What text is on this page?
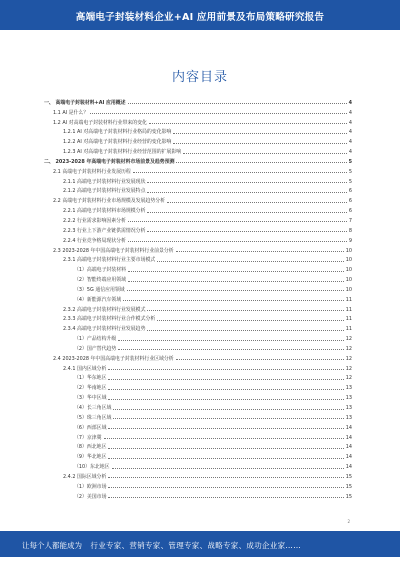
高端电子封装材料企业+AI 应用前景及布局策略研究报告
内容目录
一、 高端电子封装材料+AI 应用概述	4
1.1 AI 是什么？	4
1.2 AI 对高端电子封装材料行业带来的变化	4
1.2.1 AI 对高端电子封装材料行业格局的变化影响	4
1.2.2 AI 对高端电子封装材料行业经营的变化影响	4
1.2.3 AI 对高端电子封装材料行业经营范围的扩展影响	4
二、 2023-2028 年高端电子封装材料市场前景及趋势预测	5
2.1 高端电子封装材料行业发展历程	5
2.1.1 高端电子封装材料行业发展现状	5
2.1.2 高端电子封装材料行业发展特点	6
2.2 高端电子封装材料行业市场规模及发展趋势分析	6
2.2.1 高端电子封装材料市场规模分析	6
2.2.2 行业需求影响因素分析	7
2.2.3 行业上下游产业链供需情况分析	8
2.2.4 行业竞争格局现状分析	9
2.3 2023-2028 年中国高端电子封装材料行业前景分析	10
2.3.1 高端电子封装材料行业主要市场模式	10
（1）高端电子封装材料	10
（2）智能终端应用领域	10
（3）5G 通信应用领域	10
（4）新能源汽车领域	11
2.3.2 高端电子封装材料行业发展模式	11
2.3.3 高端电子封装材料行业合作模式分析	11
2.3.4 高端电子封装材料行业发展趋势	11
（1）产品结构升级	12
（2）国产替代趋势	12
2.4 2023-2028 年中国高端电子封装材料行业区域分析	12
2.4.1 国内区域分析	12
（1）华东地区	12
（2）华南地区	13
（3）华中区域	13
（4）长三角区域	13
（5）珠三角区域	13
（6）西部区域	14
（7）京津冀	14
（8）西北地区	14
（9）华北地区	14
（10）东北地区	14
2.4.2 国际区域分析	15
（1）欧洲市场	15
（2）美国市场	15
2
让每个人都能成为 行业专家、营销专家、管理专家、战略专家、成功企业家……
